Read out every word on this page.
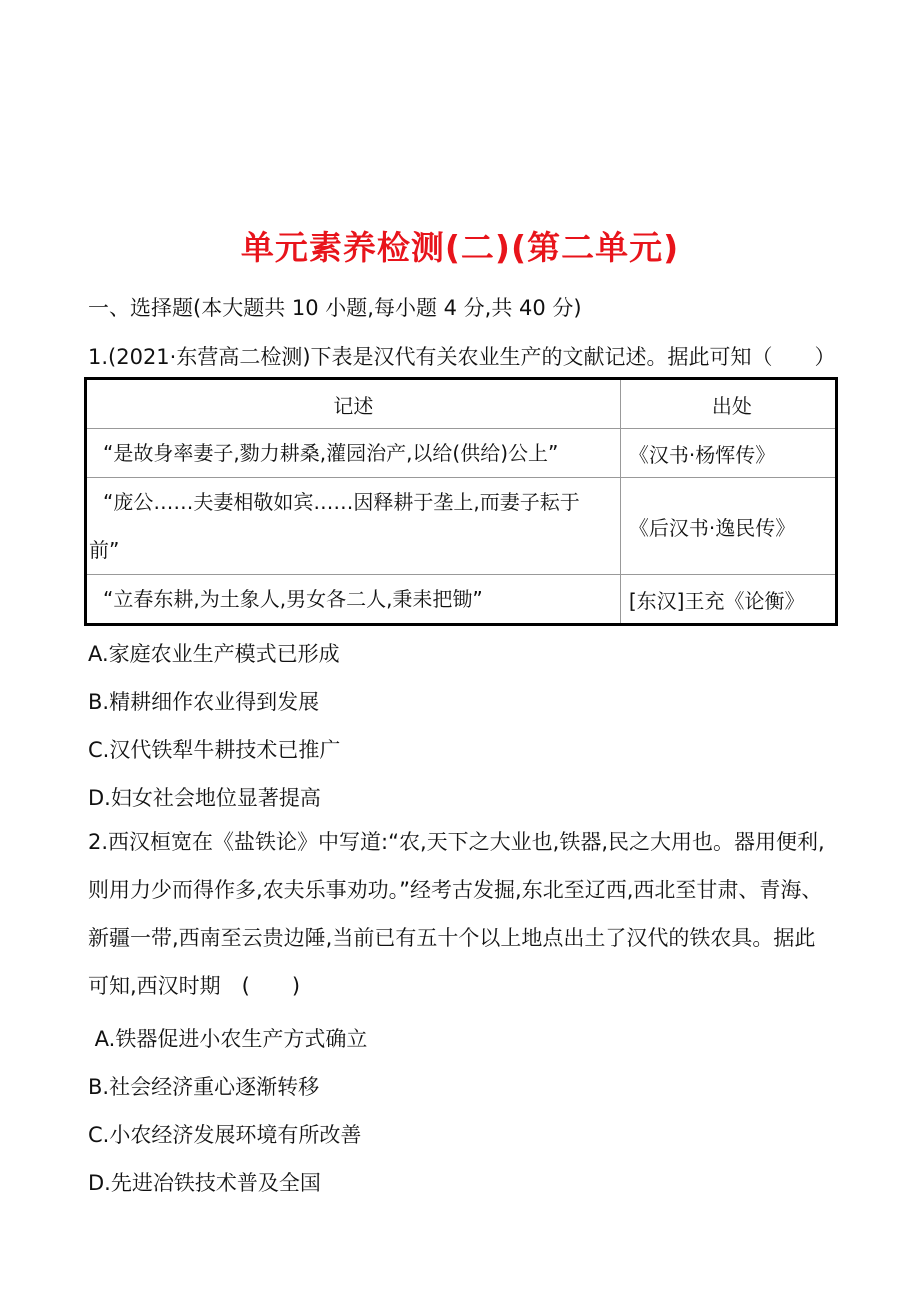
单元素养检测(二)(第二单元)
一、选择题(本大题共 10 小题,每小题 4 分,共 40 分)
1.(2021·东营高二检测)下表是汉代有关农业生产的文献记述。据此可知（　　）
记述	出处

“是故身率妻子,勠力耕桑,灌园治产,以给(供给)公上”	《汉书·杨恽传》

“庞公……夫妻相敬如宾……因释耕于垄上,而妻子耘于
前”	《后汉书·逸民传》

“立春东耕,为土象人,男女各二人,秉耒把锄”	[东汉]王充《论衡》
A.家庭农业生产模式已形成
B.精耕细作农业得到发展
C.汉代铁犁牛耕技术已推广
D.妇女社会地位显著提高
2.西汉桓宽在《盐铁论》中写道:“农,天下之大业也,铁器,民之大用也。器用便利,
则用力少而得作多,农夫乐事劝功。”经考古发掘,东北至辽西,西北至甘肃、青海、
新疆一带,西南至云贵边陲,当前已有五十个以上地点出土了汉代的铁农具。据此
可知,西汉时期　(　　)
A.铁器促进小农生产方式确立
B.社会经济重心逐渐转移
C.小农经济发展环境有所改善
D.先进冶铁技术普及全国
